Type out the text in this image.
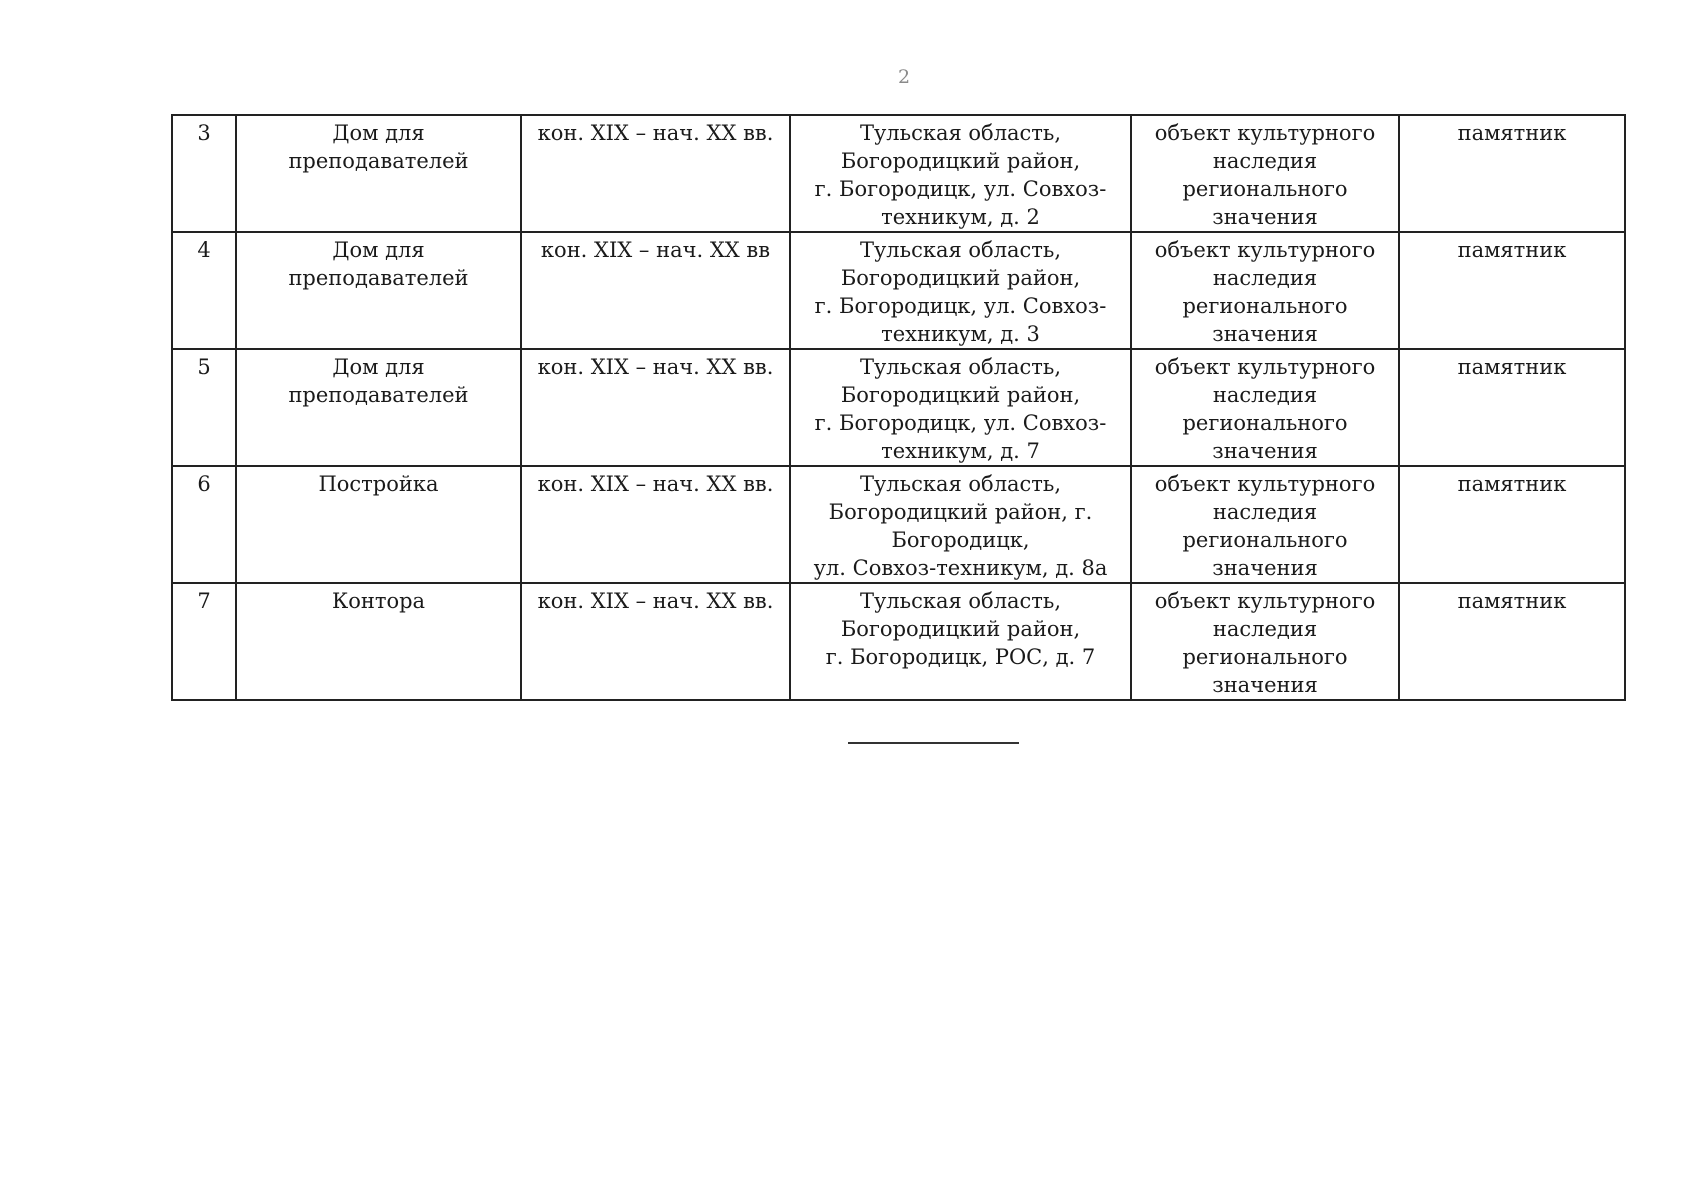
2
3	Дом для преподавателей	кон. XIX – нач. XX вв.	Тульская область,
Богородицкий район,
г. Богородицк, ул. Совхоз-
техникум, д. 2	объект культурного
наследия
регионального
значения	памятник
4	Дом для преподавателей	кон. XIX – нач. XX вв	Тульская область,
Богородицкий район,
г. Богородицк, ул. Совхоз-
техникум, д. 3	объект культурного
наследия
регионального
значения	памятник
5	Дом для преподавателей	кон. XIX – нач. XX вв.	Тульская область,
Богородицкий район,
г. Богородицк, ул. Совхоз-
техникум, д. 7	объект культурного
наследия
регионального
значения	памятник
6	Постройка	кон. XIX – нач. XX вв.	Тульская область,
Богородицкий район, г.
Богородицк,
ул. Совхоз-техникум, д. 8а	объект культурного
наследия
регионального
значения	памятник
7	Контора	кон. XIX – нач. XX вв.	Тульская область,
Богородицкий район,
г. Богородицк, РОС, д. 7	объект культурного
наследия
регионального
значения	памятник
